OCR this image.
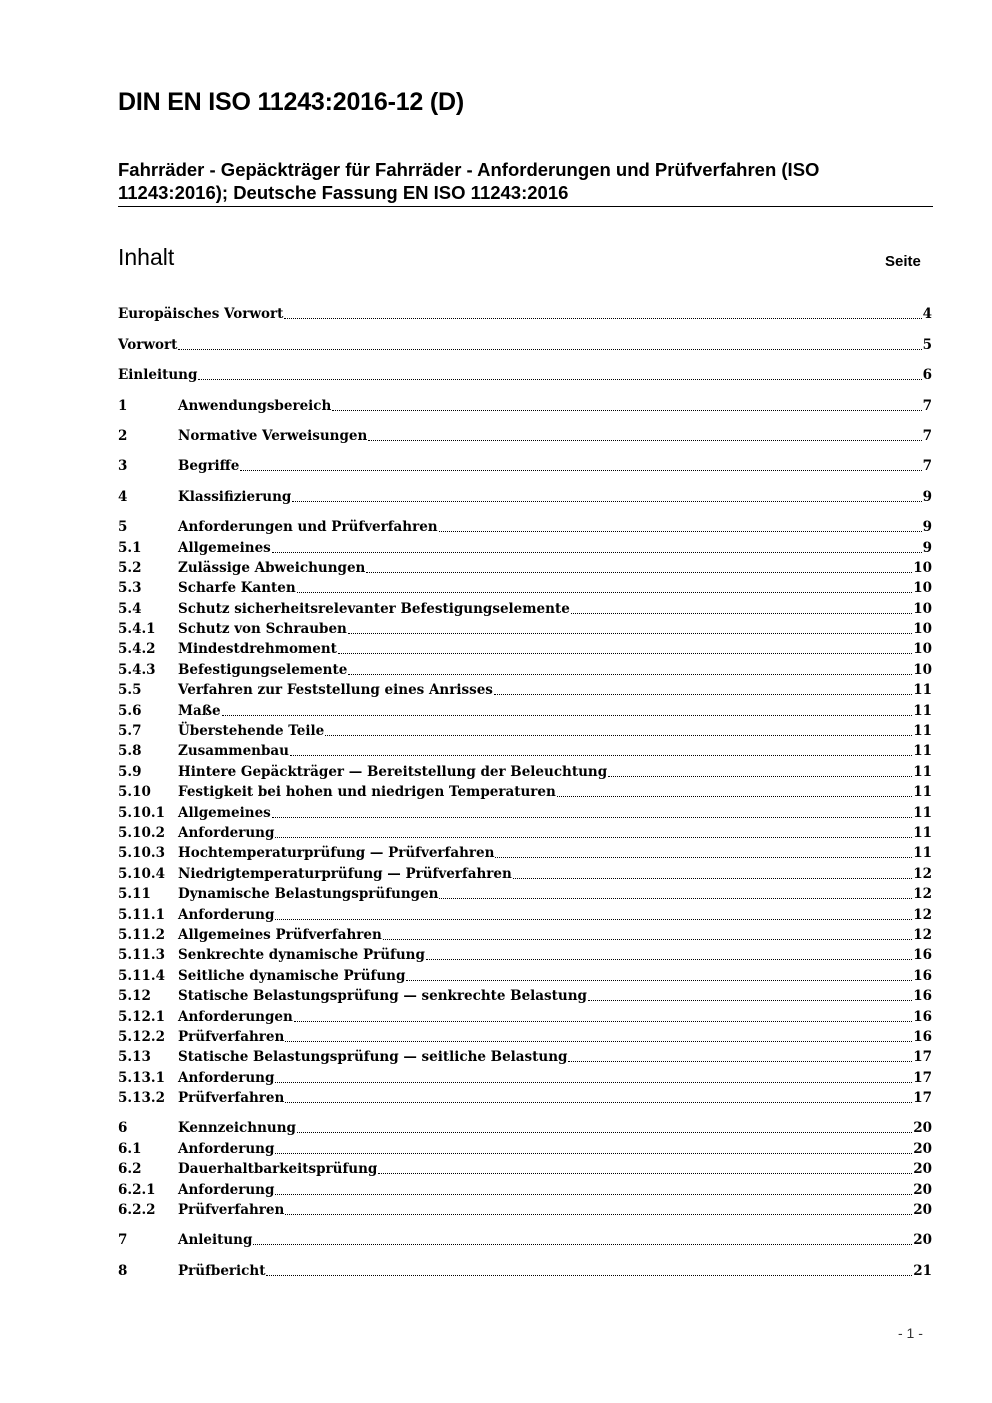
DIN EN ISO 11243:2016-12 (D)
Fahrräder - Gepäckträger für Fahrräder - Anforderungen und Prüfverfahren (ISO
11243:2016); Deutsche Fassung EN ISO 11243:2016
Inhalt	Seite
Europäisches Vorwort	4
Vorwort	5
Einleitung	6
1	Anwendungsbereich	7
2	Normative Verweisungen	7
3	Begriffe	7
4	Klassifizierung	9
5	Anforderungen und Prüfverfahren	9
5.1	Allgemeines	9
5.2	Zulässige Abweichungen	10
5.3	Scharfe Kanten	10
5.4	Schutz sicherheitsrelevanter Befestigungselemente	10
5.4.1	Schutz von Schrauben	10
5.4.2	Mindestdrehmoment	10
5.4.3	Befestigungselemente	10
5.5	Verfahren zur Feststellung eines Anrisses	11
5.6	Maße	11
5.7	Überstehende Teile	11
5.8	Zusammenbau	11
5.9	Hintere Gepäckträger — Bereitstellung der Beleuchtung	11
5.10	Festigkeit bei hohen und niedrigen Temperaturen	11
5.10.1 Allgemeines	11
5.10.2 Anforderung	11
5.10.3 Hochtemperaturprüfung — Prüfverfahren	11
5.10.4 Niedrigtemperaturprüfung — Prüfverfahren	12
5.11	Dynamische Belastungsprüfungen	12
5.11.1 Anforderung	12
5.11.2 Allgemeines Prüfverfahren	12
5.11.3 Senkrechte dynamische Prüfung	16
5.11.4 Seitliche dynamische Prüfung	16
5.12	Statische Belastungsprüfung — senkrechte Belastung	16
5.12.1 Anforderungen	16
5.12.2 Prüfverfahren	16
5.13	Statische Belastungsprüfung — seitliche Belastung	17
5.13.1 Anforderung	17
5.13.2 Prüfverfahren	17
6	Kennzeichnung	20
6.1	Anforderung	20
6.2	Dauerhaltbarkeitsprüfung	20
6.2.1	Anforderung	20
6.2.2	Prüfverfahren	20
7	Anleitung	20
8	Prüfbericht	21
- 1 -
